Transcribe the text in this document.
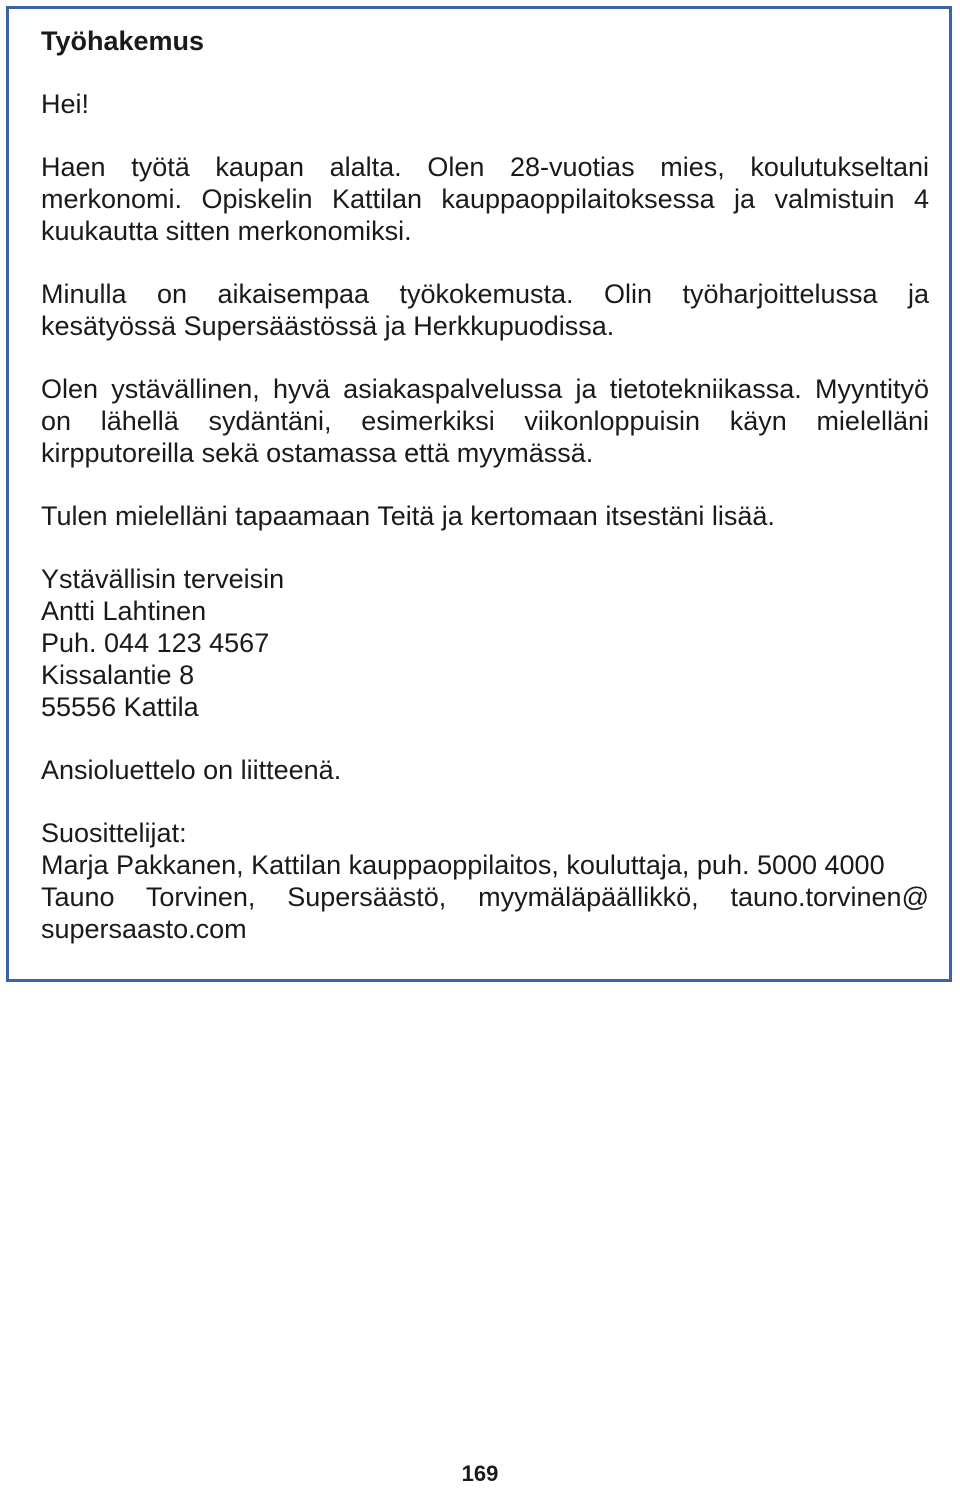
Työhakemus

Hei!

Haen työtä kaupan alalta. Olen 28-vuotias mies, koulutukseltani merkonomi. Opiskelin Kattilan kauppaoppilaitoksessa ja valmistuin 4 kuukautta sitten merkonomiksi.

Minulla on aikaisempaa työkokemusta. Olin työharjoittelussa ja kesätyössä Supersäästössä ja Herkkupuodissa.

Olen ystävällinen, hyvä asiakaspalvelussa ja tietotekniikassa. Myyntityö on lähellä sydäntäni, esimerkiksi viikonloppuisin käyn mielelläni kirpputoreilla sekä ostamassa että myymässä.

Tulen mielelläni tapaamaan Teitä ja kertomaan itsestäni lisää.

Ystävällisin terveisin
Antti Lahtinen
Puh. 044 123 4567
Kissalantie 8
55556 Kattila

Ansioluettelo on liitteenä.

Suosittelijat:

Marja Pakkanen, Kattilan kauppaoppilaitos, kouluttaja, puh. 5000 4000

Tauno Torvinen, Supersäästö, myymäläpäällikkö, tauno.torvinen@ supersaasto.com

169
